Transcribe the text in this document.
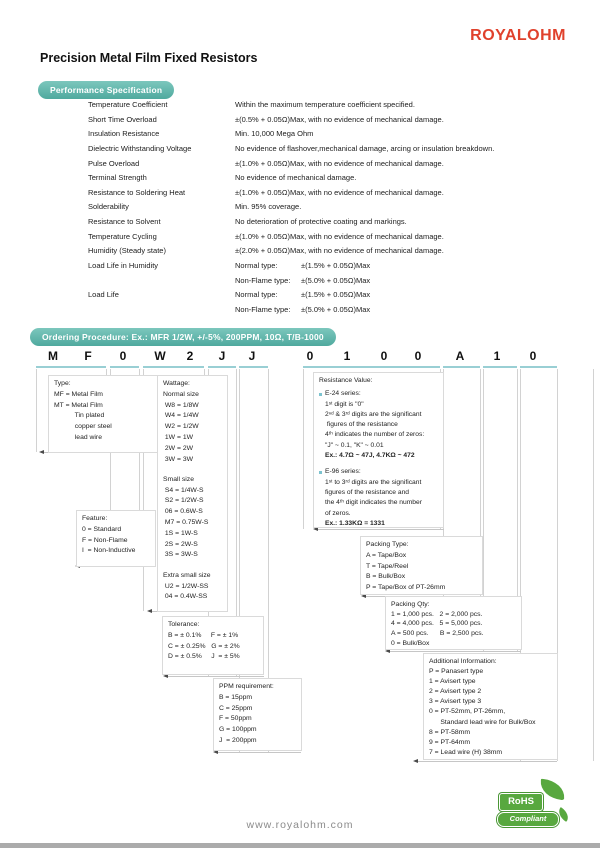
ROYALOHM
Precision Metal Film Fixed Resistors
Performance Specification
Temperature Coefficient	Within the maximum temperature coefficient specified.
Short Time Overload	±(0.5% + 0.05Ω)Max, with no evidence of mechanical damage.
Insulation Resistance	Min. 10,000 Mega Ohm
Dielectric Withstanding Voltage	No evidence of flashover,mechanical damage, arcing or insulation breakdown.
Pulse Overload	±(1.0% + 0.05Ω)Max, with no evidence of mechanical damage.
Terminal Strength	No evidence of mechanical damage.
Resistance to Soldering Heat	±(1.0% + 0.05Ω)Max, with no evidence of mechanical damage.
Solderability	Min. 95% coverage.
Resistance to Solvent	No deterioration of protective coating and markings.
Temperature Cycling	±(1.0% + 0.05Ω)Max, with no evidence of mechanical damage.
Humidity (Steady state)	±(2.0% + 0.05Ω)Max, with no evidence of mechanical damage.
Load Life in Humidity	Normal type:	±(1.5% + 0.05Ω)Max
Non-Flame type:	±(5.0% + 0.05Ω)Max
Load Life	Normal type:	±(1.5% + 0.05Ω)Max
Non-Flame type:	±(5.0% + 0.05Ω)Max
Ordering Procedure: Ex.: MFR 1/2W, +/-5%, 200PPM, 10Ω, T/B-1000
M F 0 W 2 J J	0	1	0 0	A 1 0
Type:
MF = Metal Film
MT = Metal Film
Tin plated
copper steel
lead wire
Feature:
0 = Standard
F = Non-Flame
I  = Non-Inductive
Wattage:
Normal size
W8 = 1/8W
W4 = 1/4W
W2 = 1/2W
1W = 1W
2W = 2W
3W = 3W
Small size
S4 = 1/4W-S
S2 = 1/2W-S
06 = 0.6W-S
M7 = 0.75W-S
1S = 1W-S
2S = 2W-S
3S = 3W-S
Extra small size
U2 = 1/2W-SS
04 = 0.4W-SS
Tolerance:
B = ± 0.1%     F = ± 1%
C = ± 0.25%   G = ± 2%
D = ± 0.5%     J  = ± 5%
PPM requirement:
B = 15ppm
C = 25ppm
F = 50ppm
G = 100ppm
J  = 200ppm
Resistance Value:
E-24 series:
1ˢᵗ digit is "0"
2ⁿᵈ & 3ʳᵈ digits are the significant
figures of the resistance
4ᵗʰ indicates the number of zeros:
"J" ~ 0.1, "K" ~ 0.01
Ex.: 4.7Ω ~ 47J, 4.7KΩ ~ 472
E-96 series:
1ˢᵗ to 3ʳᵈ digits are the significant
figures of the resistance and
the 4ᵗʰ digit indicates the number
of zeros.
Ex.: 1.33KΩ = 1331
Packing Type:
A = Tape/Box
T = Tape/Reel
B = Bulk/Box
P = Tape/Box of PT-26mm
Packing Qty:
1 = 1,000 pcs.   2 = 2,000 pcs.
4 = 4,000 pcs.   5 = 5,000 pcs.
A = 500 pcs.      B = 2,500 pcs.
0 = Bulk/Box
Additional Information:
P = Panasert type
1 = Avisert type
2 = Avisert type 2
3 = Avisert type 3
0 = PT-52mm, PT-26mm,
Standard lead wire for Bulk/Box
8 = PT-58mm
9 = PT-64mm
7 = Lead wire (H) 38mm
www.royalohm.com
RoHS
Compliant
